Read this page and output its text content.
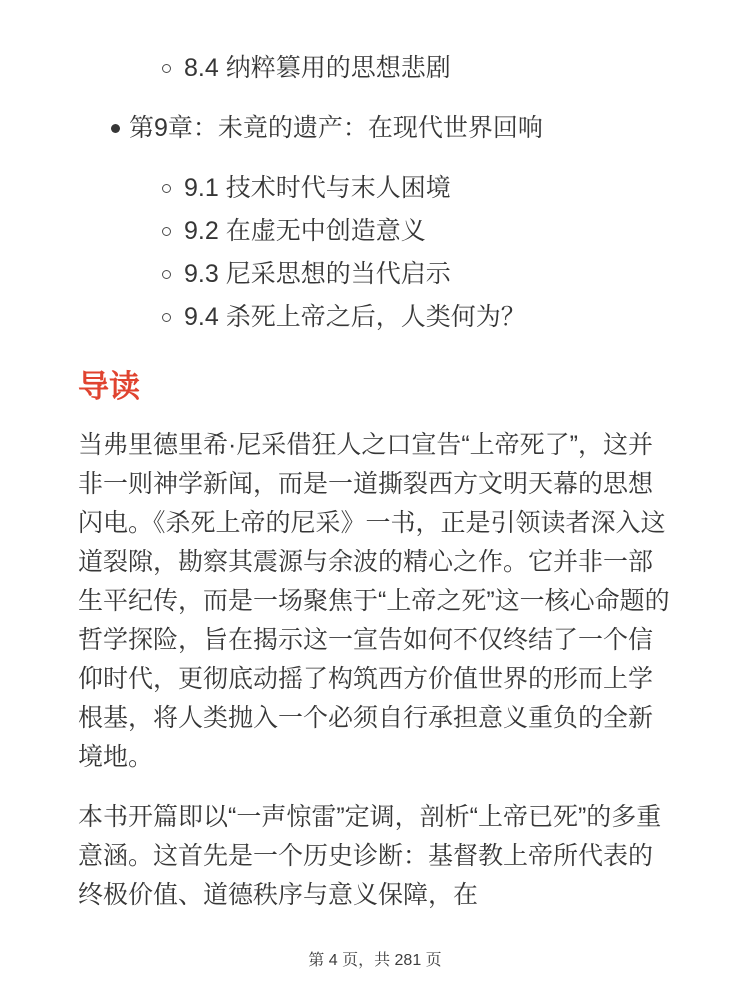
8.4 纳粹篡用的思想悲剧
第9章：未竟的遗产：在现代世界回响
9.1 技术时代与末人困境
9.2 在虚无中创造意义
9.3 尼采思想的当代启示
9.4 杀死上帝之后，人类何为？
导读

当弗里德里希·尼采借狂人之口宣告“上帝死了”，这并非一则神学新闻，而是一道撕裂西方文明天幕的思想闪电。《杀死上帝的尼采》一书，正是引领读者深入这道裂隙，勘察其震源与余波的精心之作。它并非一部生平纪传，而是一场聚焦于“上帝之死”这一核心命题的哲学探险，旨在揭示这一宣告如何不仅终结了一个信仰时代，更彻底动摇了构筑西方价值世界的形而上学根基，将人类抛入一个必须自行承担意义重负的全新境地。

本书开篇即以“一声惊雷”定调，剖析“上帝已死”的多重意涵。这首先是一个历史诊断：基督教上帝所代表的终极价值、道德秩序与意义保障，在

第 4 页，共 281 页
